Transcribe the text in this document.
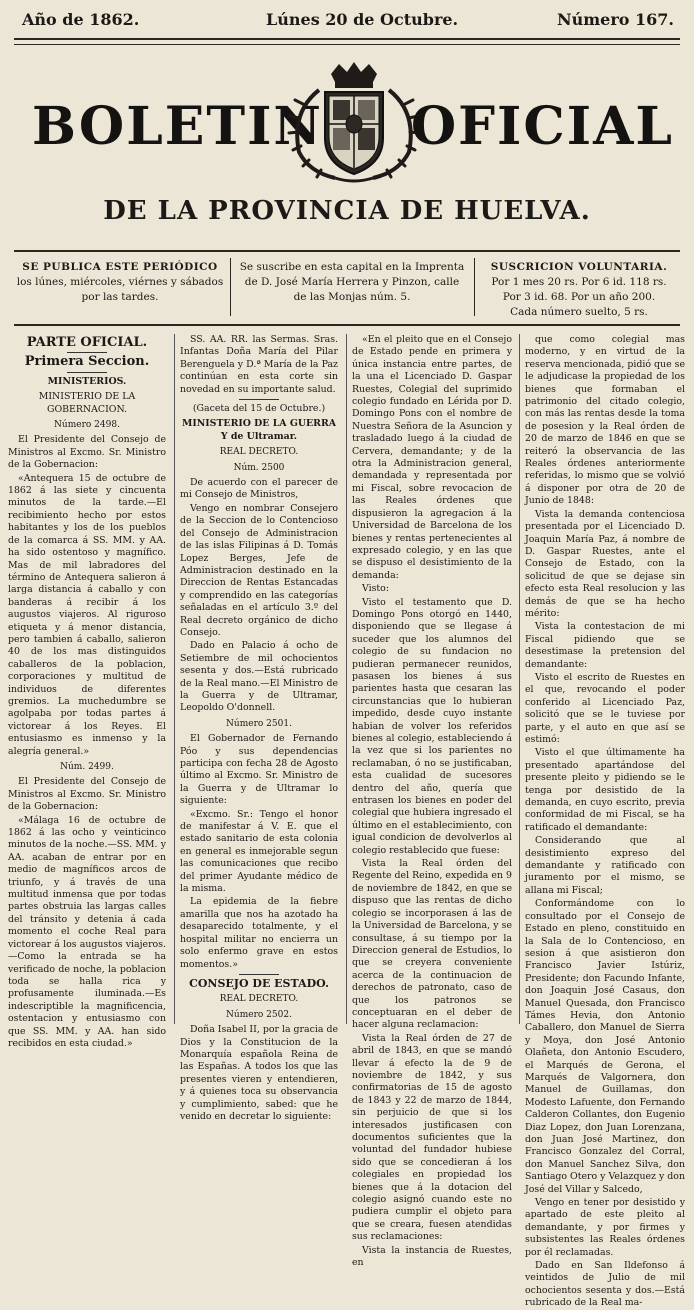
Año de 1862.	Lúnes 20 de Octubre.	Número 167.
BOLETIN OFICIAL
DE LA PROVINCIA DE HUELVA.
SE PUBLICA ESTE PERIÓDICO
los lúnes, miércoles, viérnes y sábados
por las tardes.
Se suscribe en esta capital en la Imprenta
de D. José María Herrera y Pinzon, calle
de las Monjas núm. 5.
SUSCRICION VOLUNTARIA.
Por 1 mes 20 rs. Por 6 id. 118 rs.
Por 3 id. 68. Por un año 200.
Cada número suelto, 5 rs.

PARTE OFICIAL.

Primera Seccion.

MINISTERIOS.

MINISTERIO DE LA GOBERNACION.

Número 2498.

El Presidente del Consejo de Ministros al Excmo. Sr. Ministro de la Gobernacion:

«Antequera 15 de octubre de 1862 á las siete y cincuenta minutos de la tarde.—El recibimiento hecho por estos habitantes y los de los pueblos de la comarca á SS. MM. y AA. ha sido ostentoso y magnífico. Mas de mil labradores del término de Antequera salieron á larga distancia á caballo y con banderas á recibir á los augustos viajeros. Al riguroso etiqueta y á menor distancia, pero tambien á caballo, salieron 40 de los mas distinguidos caballeros de la poblacion, corporaciones y multitud de individuos de diferentes gremios. La muchedumbre se agolpaba por todas partes á victorear á los Reyes. El entusiasmo es inmenso y la alegría general.»

Núm. 2499.

El Presidente del Consejo de Ministros al Excmo. Sr. Ministro de la Gobernacion:

«Málaga 16 de octubre de 1862 á las ocho y veinticinco minutos de la noche.—SS. MM. y AA. acaban de entrar por en medio de magníficos arcos de triunfo, y á través de una multitud inmensa que por todas partes obstruia las largas calles del tránsito y detenia á cada momento el coche Real para victorear á los augustos viajeros.—Como la entrada se ha verificado de noche, la poblacion toda se halla rica y profusamente iluminada.—Es indescriptible la magnificencia, ostentacion y entusiasmo con que SS. MM. y AA. han sido recibidos en esta ciudad.»

SS. AA. RR. las Sermas. Sras. Infantas Doña María del Pilar Berenguela y D.ª María de la Paz continúan en esta corte sin novedad en su importante salud.

(Gaceta del 15 de Octubre.)

MINISTERIO DE LA GUERRA Y de Ultramar.

REAL DECRETO.

Núm. 2500

De acuerdo con el parecer de mi Consejo de Ministros,

Vengo en nombrar Consejero de la Seccion de lo Contencioso del Consejo de Administracion de las islas Filipinas á D. Tomás Lopez Berges, Jefe de Administracion destinado en la Direccion de Rentas Estancadas y comprendido en las categorías señaladas en el artículo 3.º del Real decreto orgánico de dicho Consejo.

Dado en Palacio á ocho de Setiembre de mil ochocientos sesenta y dos.—Está rubricado de la Real mano.—El Ministro de la Guerra y de Ultramar, Leopoldo O'donnell.

Número 2501.

El Gobernador de Fernando Póo y sus dependencias participa con fecha 28 de Agosto último al Excmo. Sr. Ministro de la Guerra y de Ultramar lo siguiente:

«Excmo. Sr.: Tengo el honor de manifestar á V. E. que el estado sanitario de esta colonia en general es inmejorable segun las comunicaciones que recibo del primer Ayudante médico de la misma.

La epidemia de la fiebre amarilla que nos ha azotado ha desaparecido totalmente, y el hospital militar no encierra un solo enfermo grave en estos momentos.»

CONSEJO DE ESTADO.

REAL DECRETO.

Número 2502.

Doña Isabel II, por la gracia de Dios y la Constitucion de la Monarquía española Reina de las Españas. A todos los que las presentes vieren y entendieren, y á quienes toca su observancia y cumplimiento, sabed: que he venido en decretar lo siguiente:

«En el pleito que en el Consejo de Estado pende en primera y única instancia entre partes, de la una el Licenciado D. Gaspar Ruestes, Colegial del suprimido colegio fundado en Lérida por D. Domingo Pons con el nombre de Nuestra Señora de la Asuncion y trasladado luego á la ciudad de Cervera, demandante; y de la otra la Administracion general, demandada y representada por mi Fiscal, sobre revocacion de las Reales órdenes que dispusieron la agregacion á la Universidad de Barcelona de los bienes y rentas pertenecientes al expresado colegio, y en las que se dispuso el desistimiento de la demanda:

Visto:

Visto el testamento que D. Domingo Pons otorgó en 1440, disponiendo que se llegase á suceder que los alumnos del colegio de su fundacion no pudieran permanecer reunidos, pasasen los bienes á sus parientes hasta que cesaran las circunstancias que lo hubieran impedido, desde cuyo instante habian de volver los referidos bienes al colegio, estableciendo á la vez que si los parientes no reclamaban, ó no se justificaban, esta cualidad de sucesores dentro del año, quería que entrasen los bienes en poder del colegial que hubiera ingresado el último en el establecimiento, con igual condicion de devolverlos al colegio restablecido que fuese:

Vista la Real órden del Regente del Reino, expedida en 9 de noviembre de 1842, en que se dispuso que las rentas de dicho colegio se incorporasen á las de la Universidad de Barcelona, y se consultase, á su tiempo por la Direccion general de Estudios, lo que se creyera conveniente acerca de la continuacion de derechos de patronato, caso de que los patronos se conceptuaran en el deber de hacer alguna reclamacion:

Vista la Real órden de 27 de abril de 1843, en que se mandó llevar á efecto la de 9 de noviembre de 1842, y sus confirmatorias de 15 de agosto de 1843 y 22 de marzo de 1844, sin perjuicio de que si los interesados justificasen con documentos suficientes que la voluntad del fundador hubiese sido que se concedieran á los colegiales en propiedad los bienes que á la dotacion del colegio asignó cuando este no pudiera cumplir el objeto para que se creara, fuesen atendidas sus reclamaciones:

Vista la instancia de Ruestes, en

que como colegial mas moderno, y en virtud de la reserva mencionada, pidió que se le adjudicase la propiedad de los bienes que formaban el patrimonio del citado colegio, con más las rentas desde la toma de posesion y la Real órden de 20 de marzo de 1846 en que se reiteró la observancia de las Reales órdenes anteriormente referidas, lo mismo que se volvió á disponer por otra de 20 de Junio de 1848:

Vista la demanda contenciosa presentada por el Licenciado D. Joaquin María Paz, á nombre de D. Gaspar Ruestes, ante el Consejo de Estado, con la solicitud de que se dejase sin efecto esta Real resolucion y las demás de que se ha hecho mérito:

Vista la contestacion de mi Fiscal pidiendo que se desestimase la pretension del demandante:

Visto el escrito de Ruestes en el que, revocando el poder conferido al Licenciado Paz, solicitó que se le tuviese por parte, y el auto en que así se estimó:

Visto el que últimamente ha presentado apartándose del presente pleito y pidiendo se le tenga por desistido de la demanda, en cuyo escrito, previa conformidad de mi Fiscal, se ha ratificado el demandante:

Considerando que al desistimiento expreso del demandante y ratificado con juramento por el mismo, se allana mi Fiscal;

Conformándome con lo consultado por el Consejo de Estado en pleno, constituido en la Sala de lo Contencioso, en sesion á que asistieron don Francisco Javier Istúriz, Presidente; don Facundo Infante, don Joaquin José Casaus, don Manuel Quesada, don Francisco Támes Hevia, don Antonio Caballero, don Manuel de Sierra y Moya, don José Antonio Olañeta, don Antonio Escudero, el Marqués de Gerona, el Marqués de Valgornera, don Manuel de Guillamas, don Modesto Lafuente, don Fernando Calderon Collantes, don Eugenio Diaz Lopez, don Juan Lorenzana, don Juan José Martinez, don Francisco Gonzalez del Corral, don Manuel Sanchez Silva, don Santiago Otero y Velazquez y don José del Villar y Salcedo,

Vengo en tener por desistido y apartado de este pleito al demandante, y por firmes y subsistentes las Reales órdenes por él reclamadas.

Dado en San Ildefonso á veintidos de Julio de mil ochocientos sesenta y dos.—Está rubricado de la Real ma-
